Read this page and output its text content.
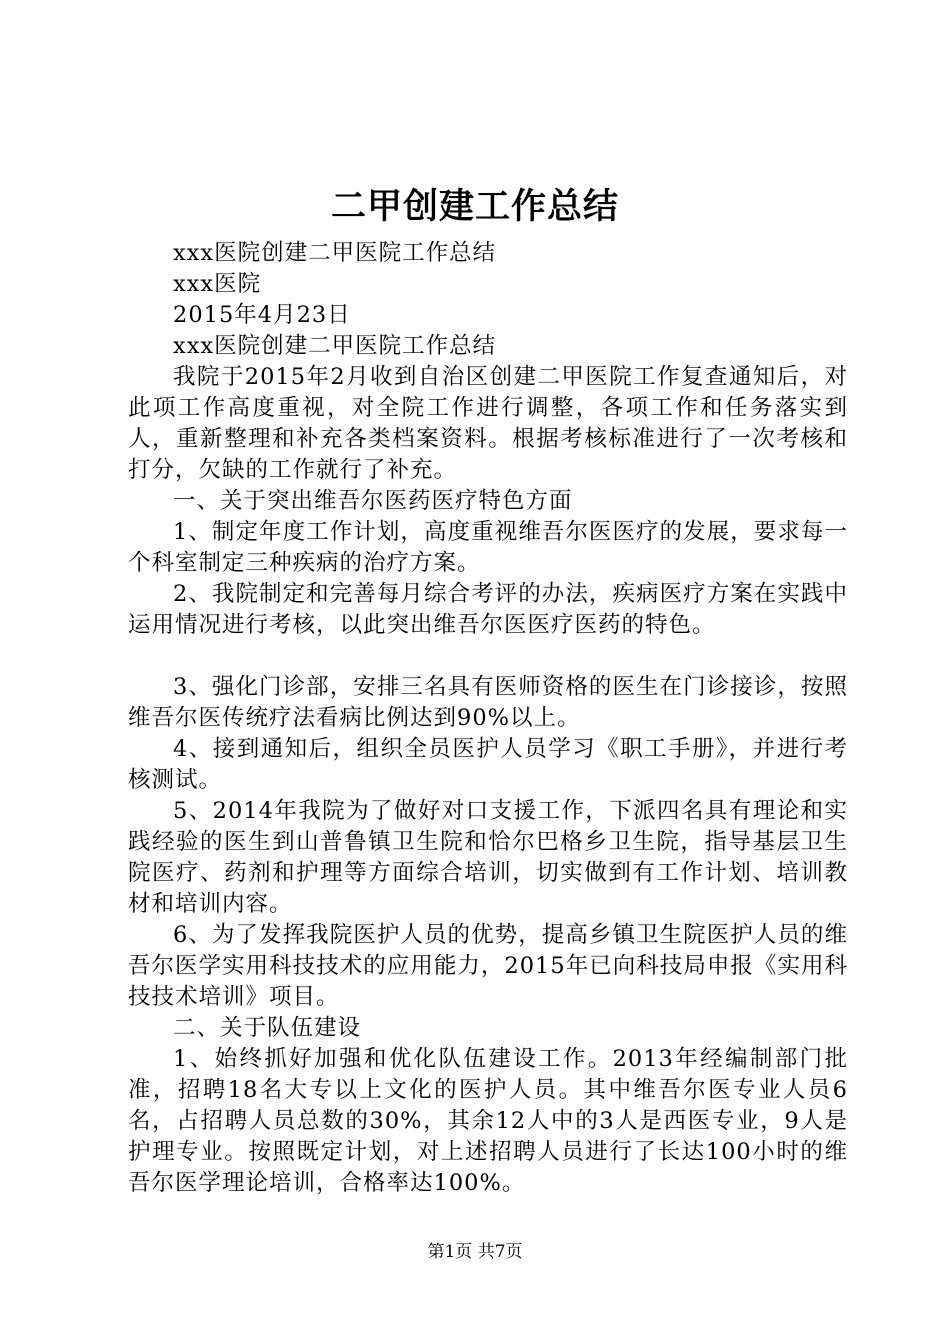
二甲创建工作总结

xxx医院创建二甲医院工作总结

xxx医院

2015年4月23日

xxx医院创建二甲医院工作总结

我院于2015年2月收到自治区创建二甲医院工作复查通知后，对此项工作高度重视，对全院工作进行调整，各项工作和任务落实到人，重新整理和补充各类档案资料。根据考核标准进行了一次考核和打分，欠缺的工作就行了补充。

一、关于突出维吾尔医药医疗特色方面

1、制定年度工作计划，高度重视维吾尔医医疗的发展，要求每一个科室制定三种疾病的治疗方案。

2、我院制定和完善每月综合考评的办法，疾病医疗方案在实践中运用情况进行考核，以此突出维吾尔医医疗医药的特色。

3、强化门诊部，安排三名具有医师资格的医生在门诊接诊，按照维吾尔医传统疗法看病比例达到90%以上。

4、接到通知后，组织全员医护人员学习《职工手册》，并进行考核测试。

5、2014年我院为了做好对口支援工作，下派四名具有理论和实践经验的医生到山普鲁镇卫生院和恰尔巴格乡卫生院，指导基层卫生院医疗、药剂和护理等方面综合培训，切实做到有工作计划、培训教材和培训内容。

6、为了发挥我院医护人员的优势，提高乡镇卫生院医护人员的维吾尔医学实用科技技术的应用能力，2015年已向科技局申报《实用科技技术培训》项目。

二、关于队伍建设

1、始终抓好加强和优化队伍建设工作。2013年经编制部门批准，招聘18名大专以上文化的医护人员。其中维吾尔医专业人员6名，占招聘人员总数的30%，其余12人中的3人是西医专业，9人是护理专业。按照既定计划，对上述招聘人员进行了长达100小时的维吾尔医学理论培训，合格率达100%。

第1页 共7页
